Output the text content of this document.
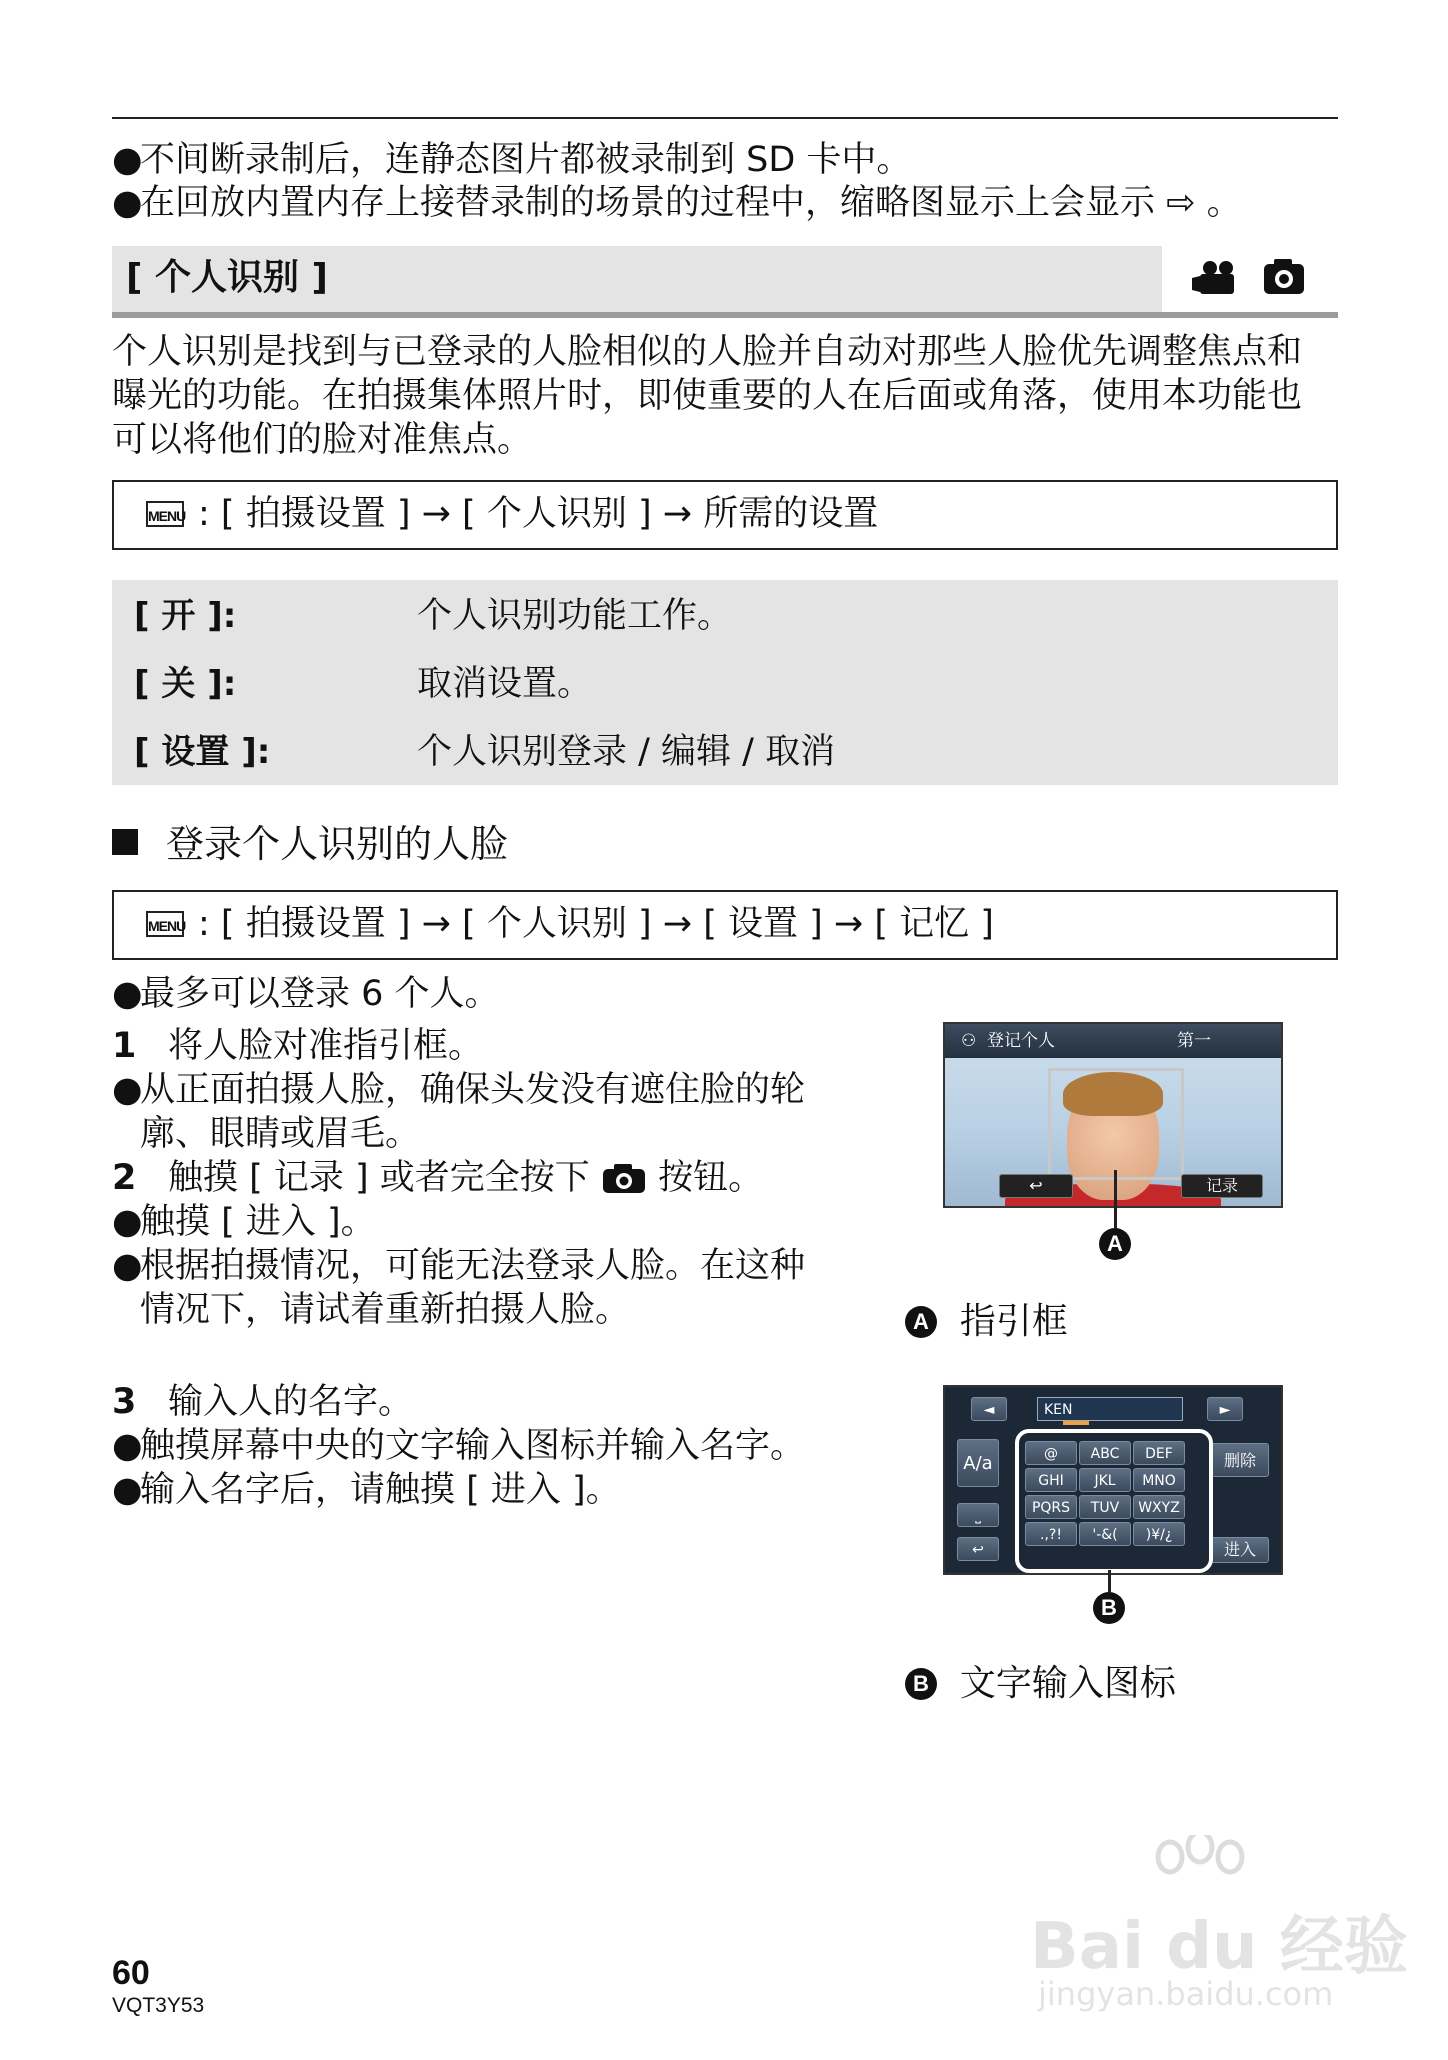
●不间断录制后，连静态图片都被录制到 SD 卡中。
●在回放内置内存上接替录制的场景的过程中，缩略图显示上会显示 ⇨ 。
[ 个人识别 ]
个人识别是找到与已登录的人脸相似的人脸并自动对那些人脸优先调整焦点和
曝光的功能。在拍摄集体照片时，即使重要的人在后面或角落，使用本功能也
可以将他们的脸对准焦点。
MENU : [ 拍摄设置 ] → [ 个人识别 ] → 所需的设置
[ 开 ]:	个人识别功能工作。
[ 关 ]:	取消设置。
[ 设置 ]:	个人识别登录 / 编辑 / 取消
登录个人识别的人脸
MENU : [ 拍摄设置 ] → [ 个人识别 ] → [ 设置 ] → [ 记忆 ]
●最多可以登录 6 个人。
1 将人脸对准指引框。
●从正面拍摄人脸，确保头发没有遮住脸的轮
廓、眼睛或眉毛。
2 触摸 [ 记录 ] 或者完全按下  按钮。
●触摸 [ 进入 ]。
●根据拍摄情况，可能无法登录人脸。在这种
情况下，请试着重新拍摄人脸。
3 输入人的名字。
●触摸屏幕中央的文字输入图标并输入名字。
●输入名字后，请触摸 [ 进入 ]。
⚇ 登记个人	第一
↩	记录
A
A 指引框
◄	KEN	►
A/a
⎵
↩
删除
进入
@	ABC	DEF
GHI	JKL	MNO
PQRS	TUV	WXYZ
.,?!	'-&(	)¥/¿
B
B 文字输入图标
60
VQT3Y53
Bai du 经验
jingyan.baidu.com
